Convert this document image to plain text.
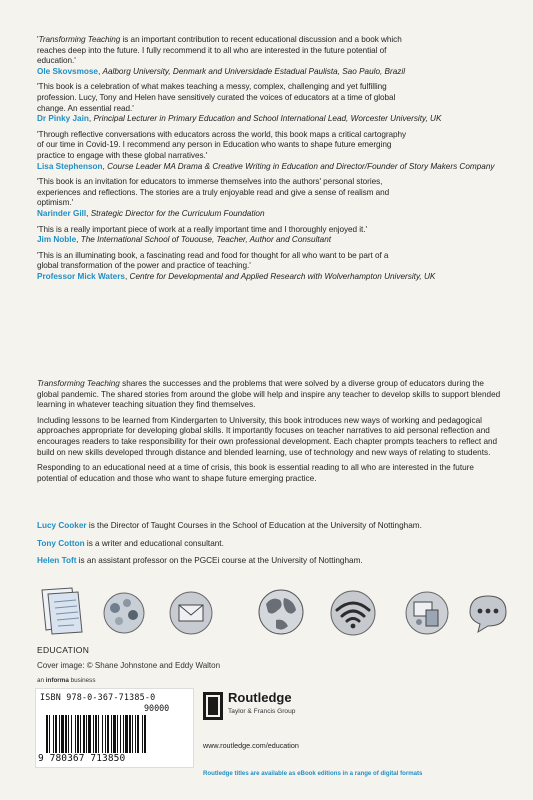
'Transforming Teaching is an important contribution to recent educational discussion and a book which
reaches deep into the future. I fully recommend it to all who are interested in the future potential of
education.'
Ole Skovsmose, Aalborg University, Denmark and Universidade Estadual Paulista, Sao Paulo, Brazil
'This book is a celebration of what makes teaching a messy, complex, challenging and yet fulfilling
profession. Lucy, Tony and Helen have sensitively curated the voices of educators at a time of global
change. An essential read.'
Dr Pinky Jain, Principal Lecturer in Primary Education and School International Lead, Worcester University, UK
'Through reflective conversations with educators across the world, this book maps a critical cartography
of our time in Covid-19. I recommend any person in Education who wants to shape future emerging
practice to engage with these global narratives.'
Lisa Stephenson, Course Leader MA Drama & Creative Writing in Education and Director/Founder of Story Makers Company
'This book is an invitation for educators to immerse themselves into the authors' personal stories,
experiences and reflections. The stories are a truly enjoyable read and give a sense of realism and
optimism.'
Narinder Gill, Strategic Director for the Curriculum Foundation
'This is a really important piece of work at a really important time and I thoroughly enjoyed it.'
Jim Noble, The International School of Tououse, Teacher, Author and Consultant
'This is an illuminating book, a fascinating read and food for thought for all who want to be part of a
global transformation of the power and practice of teaching.'
Professor Mick Waters, Centre for Developmental and Applied Research with Wolverhampton University, UK

Transforming Teaching shares the successes and the problems that were solved by a diverse group of educators during the global pandemic. The shared stories from around the globe will help and inspire any teacher to develop skills to support blended learning in whatever teaching situation they find themselves.

Including lessons to be learned from Kindergarten to University, this book introduces new ways of working and pedagogical approaches appropriate for developing global skills. It importantly focuses on teacher narratives to aid personal reflection and encourages readers to take responsibility for their own professional development. Each chapter prompts teachers to reflect and build on new skills developed through distance and blended learning, use of technology and new ways of relating to students.

Responding to an educational need at a time of crisis, this book is essential reading to all who are interested in the future potential of education and those who want to shape future emerging practice.

Lucy Cooker is the Director of Taught Courses in the School of Education at the University of Nottingham.
Tony Cotton is a writer and educational consultant.
Helen Toft is an assistant professor on the PGCEi course at the University of Nottingham.
EDUCATION
Cover image: © Shane Johnstone and Eddy Walton
an informa business
ISBN 978-0-367-71385-0
90000
9 780367 713850
Routledge
Taylor & Francis Group
www.routledge.com/education
Routledge titles are available as eBook editions in a range of digital formats
